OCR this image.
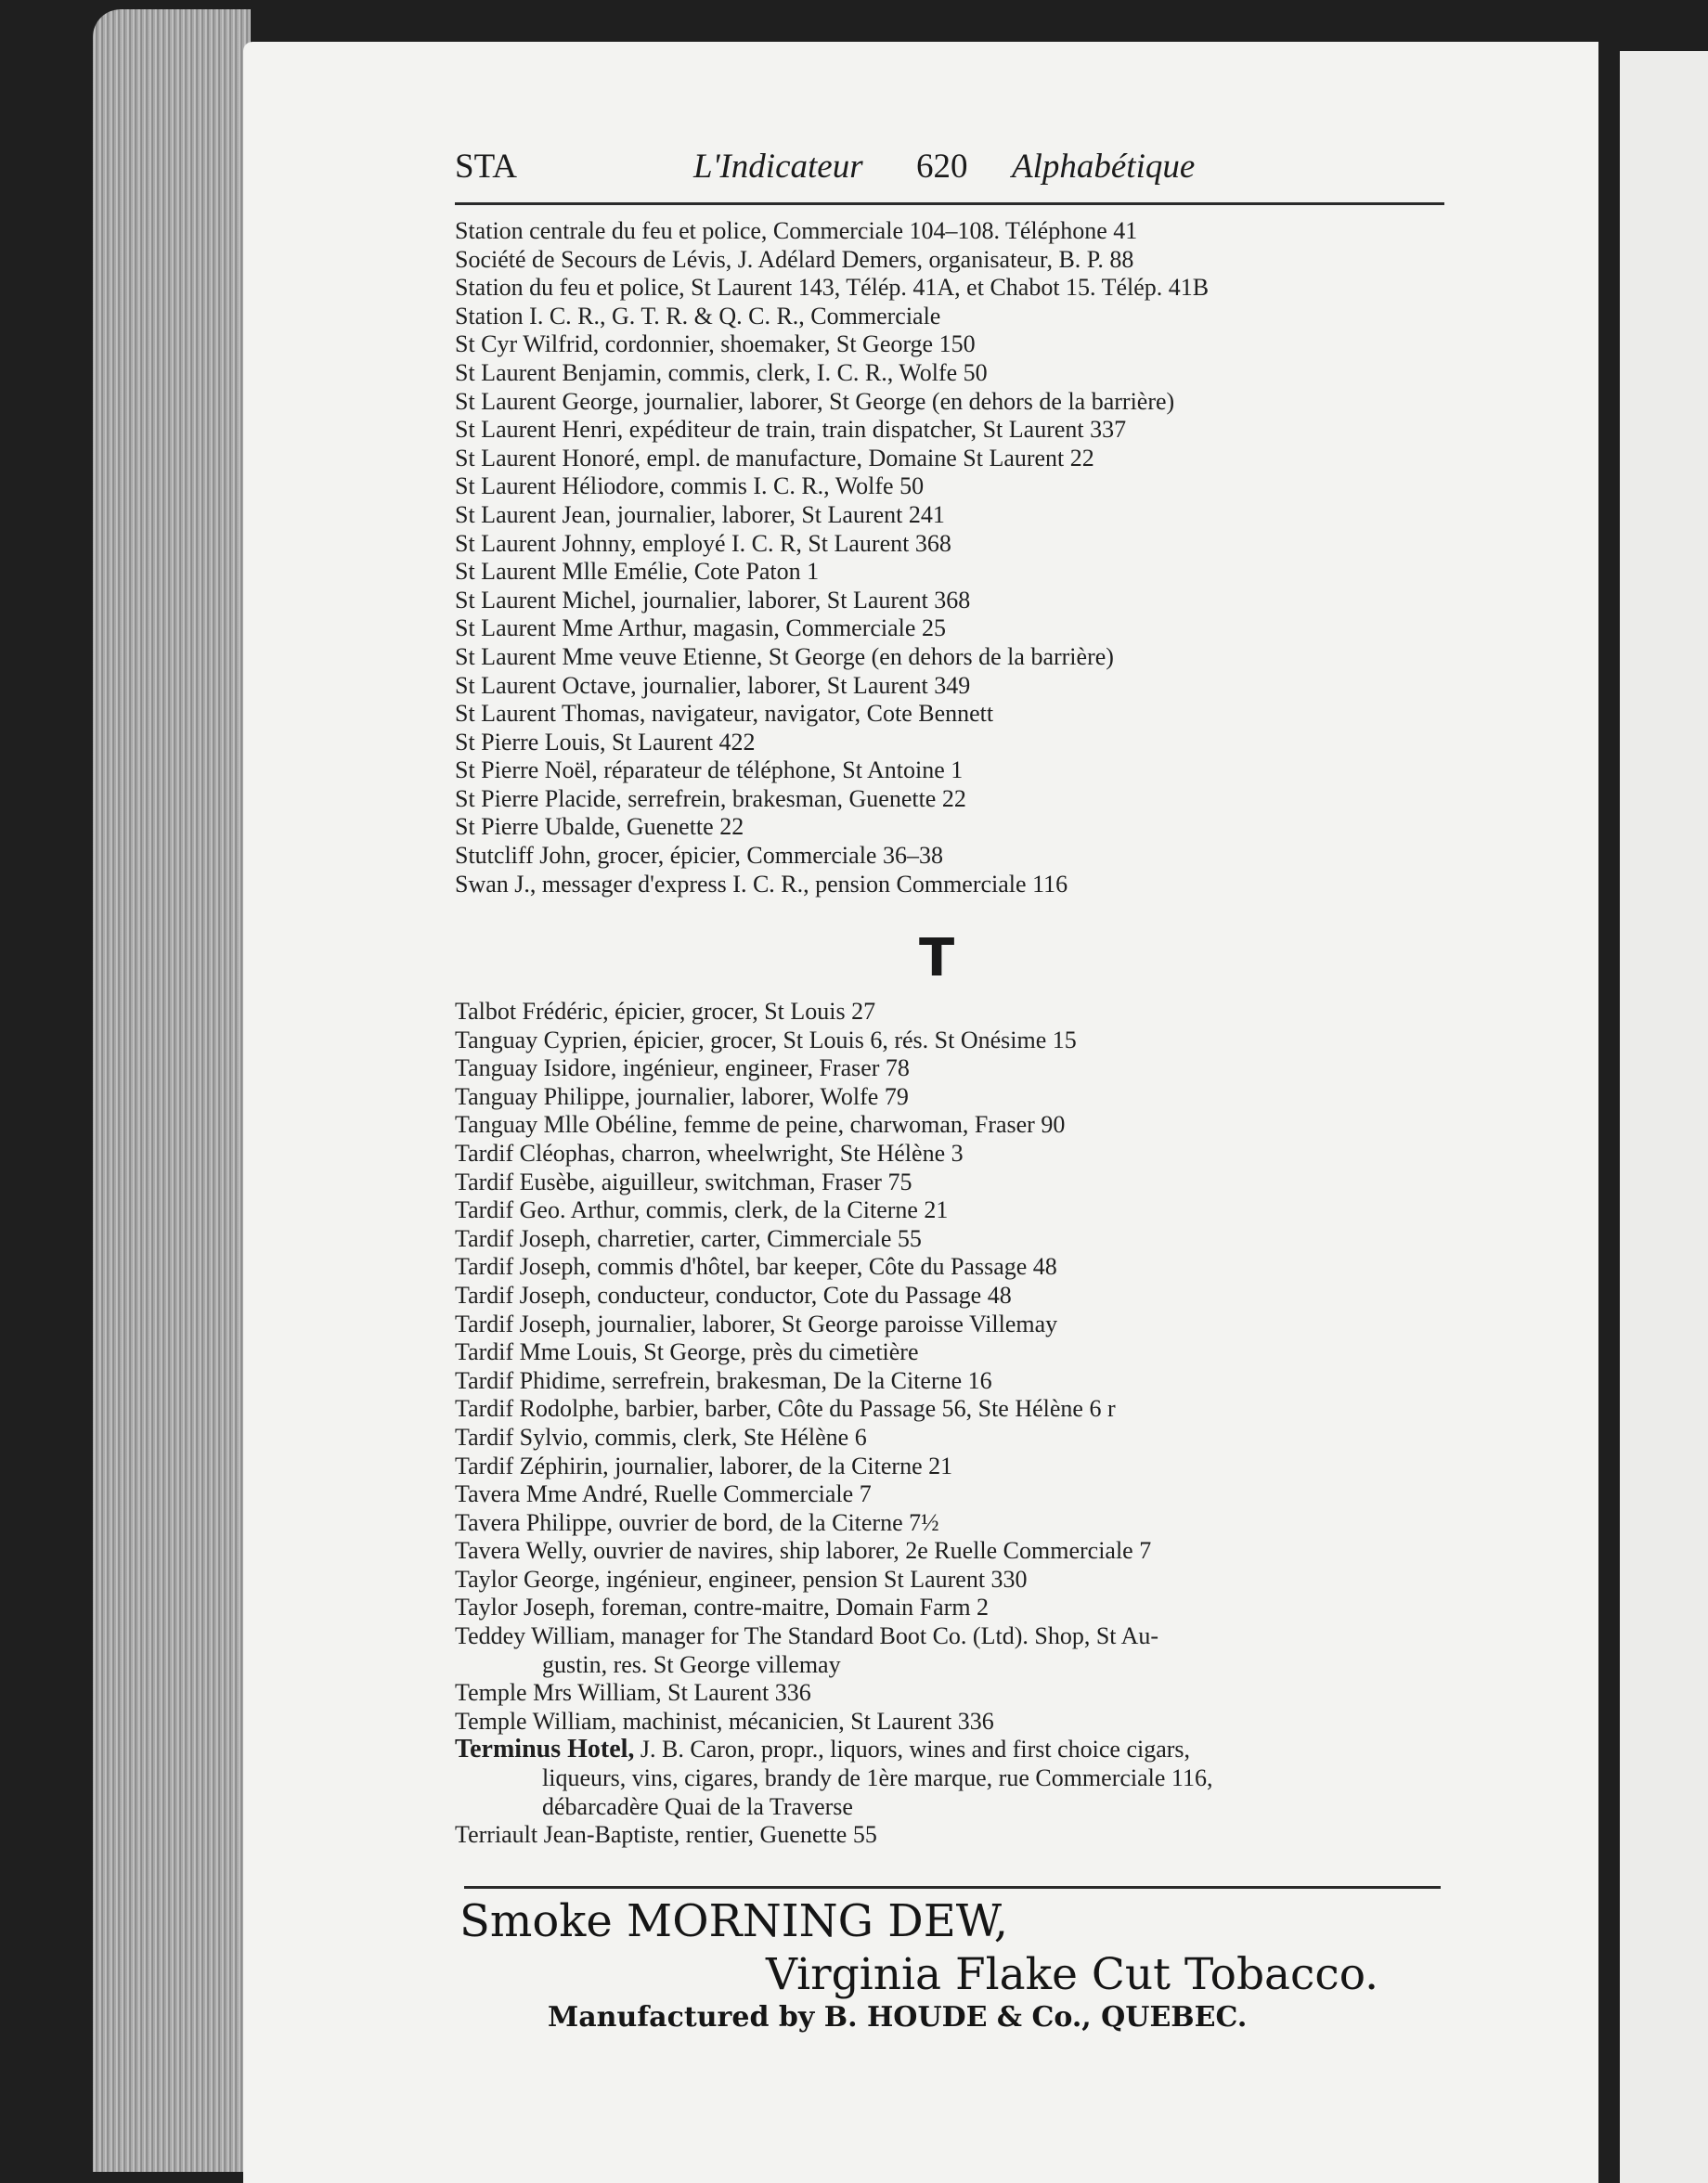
STA	L'Indicateur 620 Alphabétique
Station centrale du feu et police, Commerciale 104–108. Téléphone 41
Société de Secours de Lévis, J. Adélard Demers, organisateur, B. P. 88
Station du feu et police, St Laurent 143, Télép. 41A, et Chabot 15. Télép. 41B
Station I. C. R., G. T. R. & Q. C. R., Commerciale
St Cyr Wilfrid, cordonnier, shoemaker, St George 150
St Laurent Benjamin, commis, clerk, I. C. R., Wolfe 50
St Laurent George, journalier, laborer, St George (en dehors de la barrière)
St Laurent Henri, expéditeur de train, train dispatcher, St Laurent 337
St Laurent Honoré, empl. de manufacture, Domaine St Laurent 22
St Laurent Héliodore, commis I. C. R., Wolfe 50
St Laurent Jean, journalier, laborer, St Laurent 241
St Laurent Johnny, employé I. C. R, St Laurent 368
St Laurent Mlle Emélie, Cote Paton 1
St Laurent Michel, journalier, laborer, St Laurent 368
St Laurent Mme Arthur, magasin, Commerciale 25
St Laurent Mme veuve Etienne, St George (en dehors de la barrière)
St Laurent Octave, journalier, laborer, St Laurent 349
St Laurent Thomas, navigateur, navigator, Cote Bennett
St Pierre Louis, St Laurent 422
St Pierre Noël, réparateur de téléphone, St Antoine 1
St Pierre Placide, serrefrein, brakesman, Guenette 22
St Pierre Ubalde, Guenette 22
Stutcliff John, grocer, épicier, Commerciale 36–38
Swan J., messager d'express I. C. R., pension Commerciale 116
T
Talbot Frédéric, épicier, grocer, St Louis 27
Tanguay Cyprien, épicier, grocer, St Louis 6, rés. St Onésime 15
Tanguay Isidore, ingénieur, engineer, Fraser 78
Tanguay Philippe, journalier, laborer, Wolfe 79
Tanguay Mlle Obéline, femme de peine, charwoman, Fraser 90
Tardif Cléophas, charron, wheelwright, Ste Hélène 3
Tardif Eusèbe, aiguilleur, switchman, Fraser 75
Tardif Geo. Arthur, commis, clerk, de la Citerne 21
Tardif Joseph, charretier, carter, Cimmerciale 55
Tardif Joseph, commis d'hôtel, bar keeper, Côte du Passage 48
Tardif Joseph, conducteur, conductor, Cote du Passage 48
Tardif Joseph, journalier, laborer, St George paroisse Villemay
Tardif Mme Louis, St George, près du cimetière
Tardif Phidime, serrefrein, brakesman, De la Citerne 16
Tardif Rodolphe, barbier, barber, Côte du Passage 56, Ste Hélène 6 r
Tardif Sylvio, commis, clerk, Ste Hélène 6
Tardif Zéphirin, journalier, laborer, de la Citerne 21
Tavera Mme André, Ruelle Commerciale 7
Tavera Philippe, ouvrier de bord, de la Citerne 7½
Tavera Welly, ouvrier de navires, ship laborer, 2e Ruelle Commerciale 7
Taylor George, ingénieur, engineer, pension St Laurent 330
Taylor Joseph, foreman, contre-maitre, Domain Farm 2
Teddey William, manager for The Standard Boot Co. (Ltd). Shop, St Au-
gustin, res. St George villemay
Temple Mrs William, St Laurent 336
Temple William, machinist, mécanicien, St Laurent 336
Terminus Hotel, J. B. Caron, propr., liquors, wines and first choice cigars,
liqueurs, vins, cigares, brandy de 1ère marque, rue Commerciale 116,
débarcadère Quai de la Traverse
Terriault Jean-Baptiste, rentier, Guenette 55
Smoke MORNING DEW,
Virginia Flake Cut Tobacco.
Manufactured by B. HOUDE & Co., QUEBEC.
